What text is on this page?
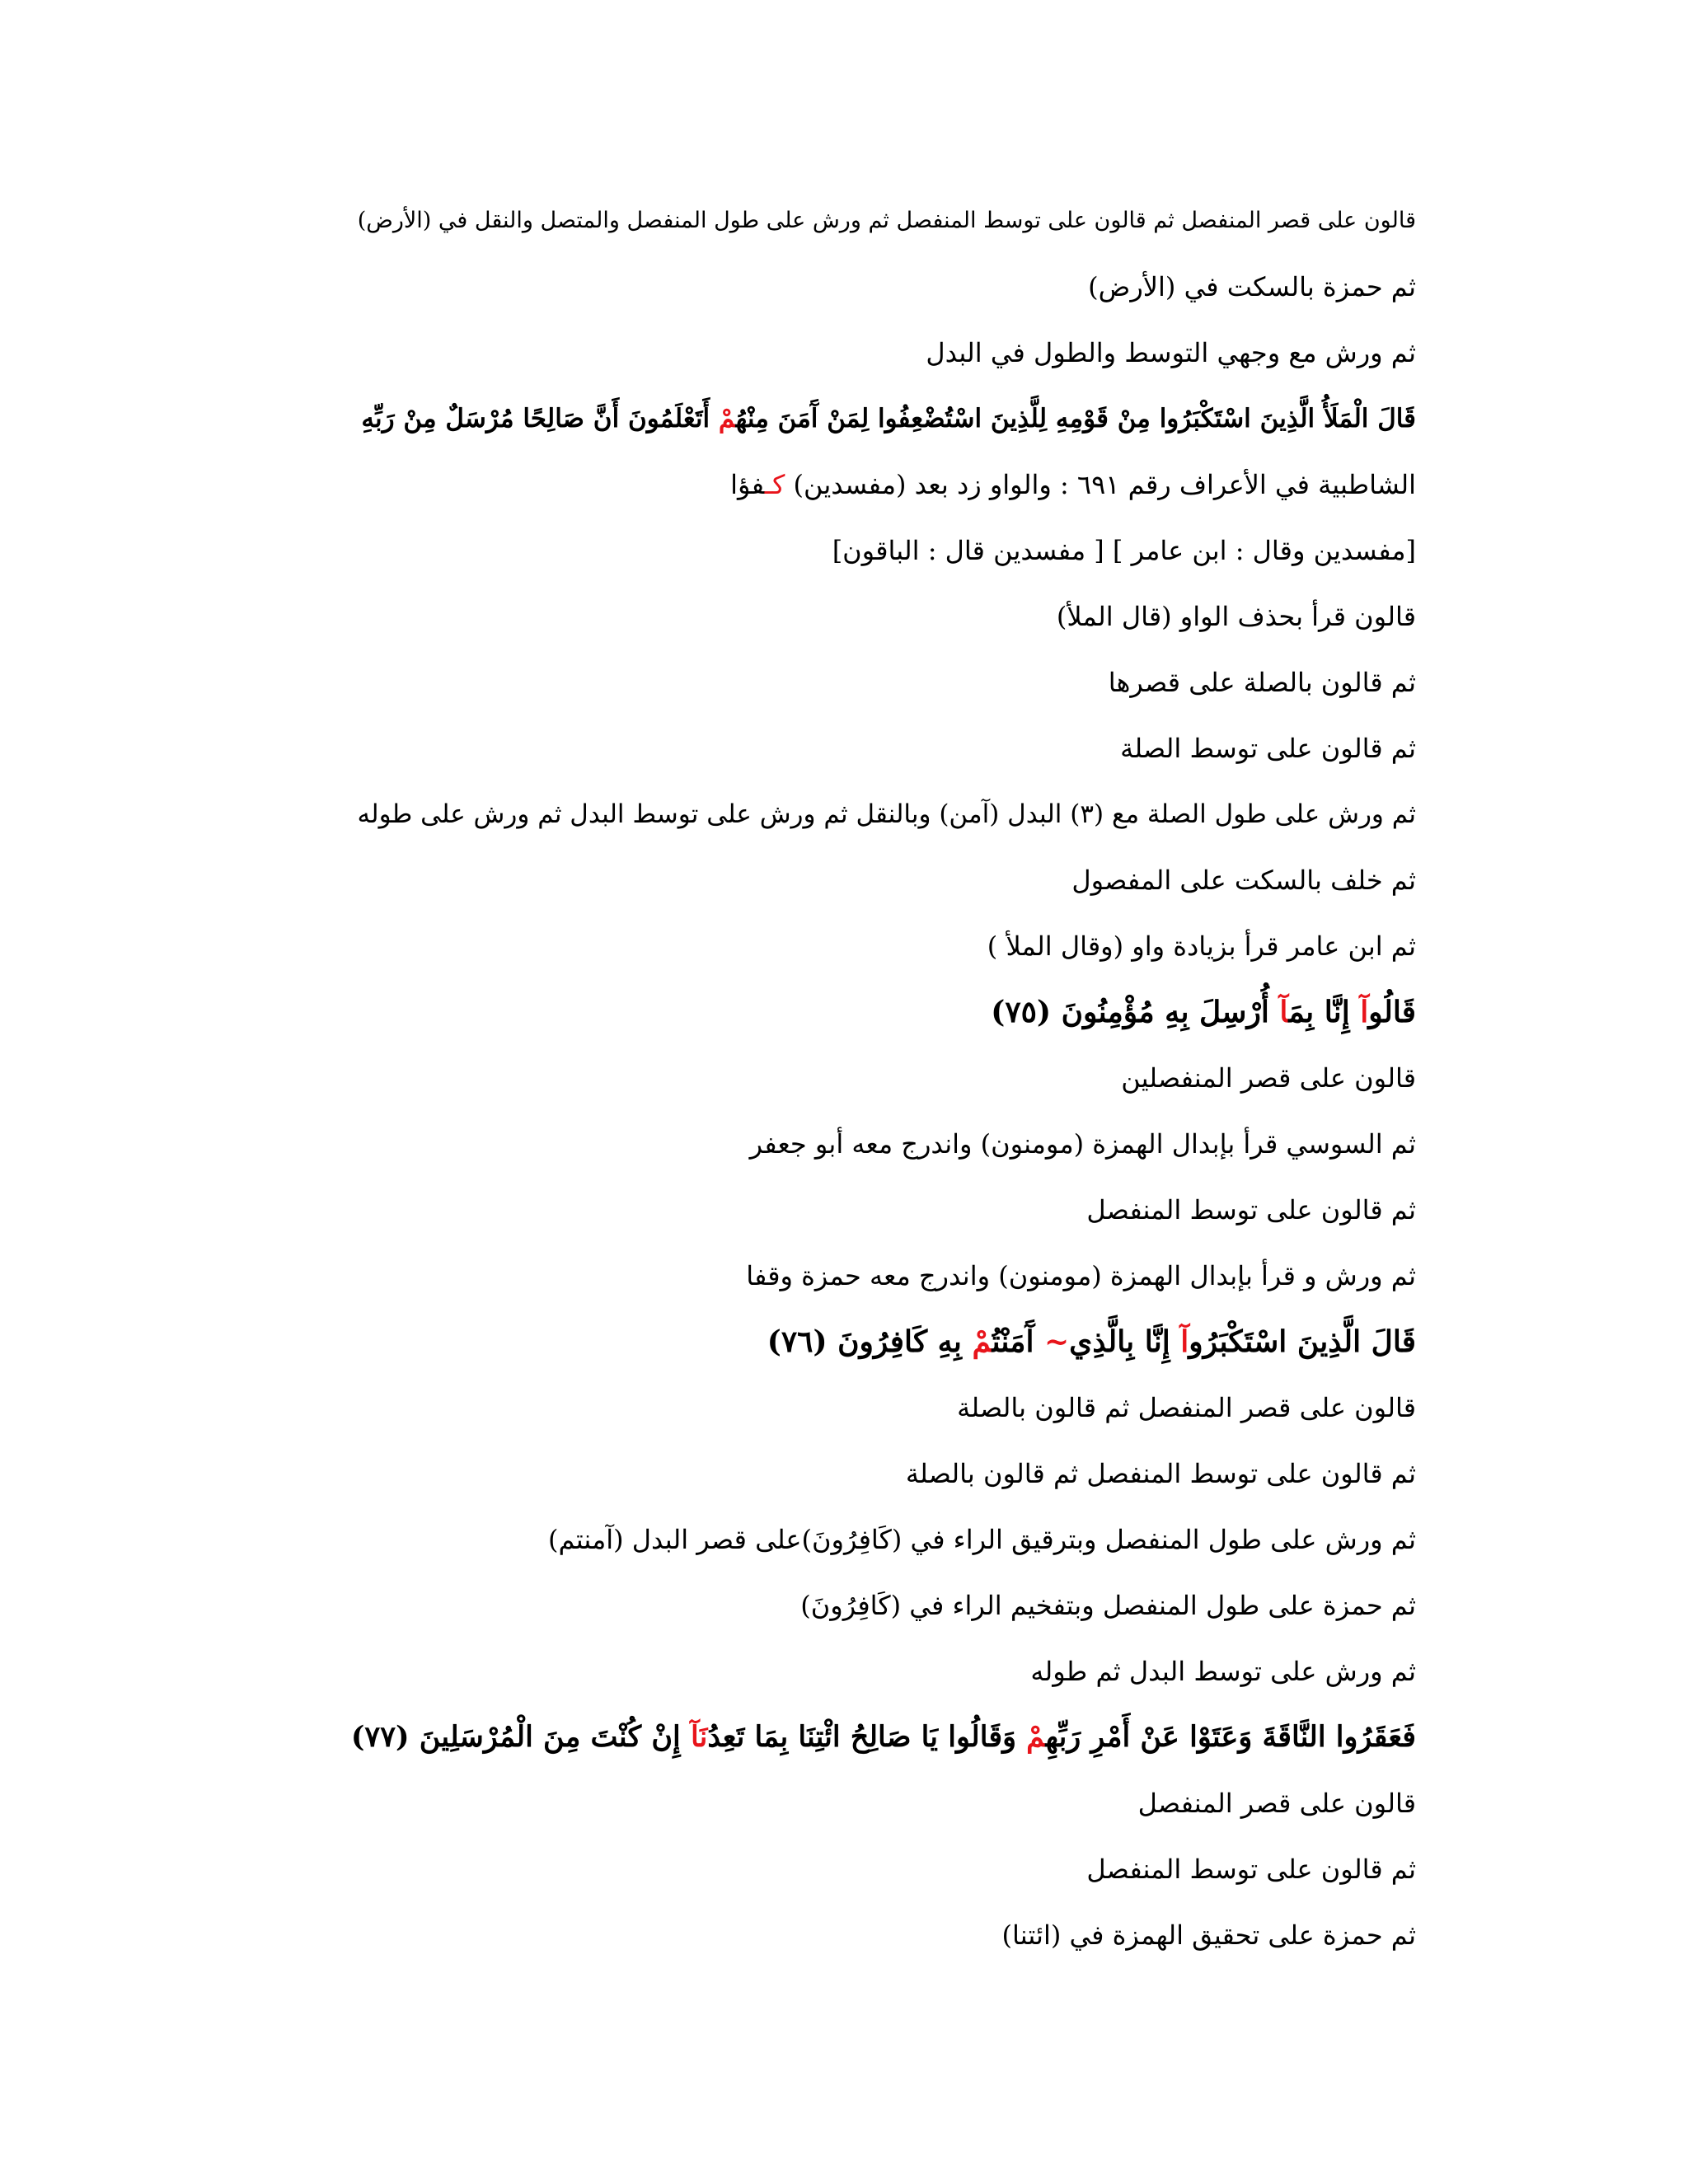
قالون على قصر المنفصل ثم قالون على توسط المنفصل ثم ورش على طول المنفصل والمتصل والنقل في (الأرض)
ثم حمزة بالسكت في (الأرض)
ثم ورش مع وجهي التوسط والطول في البدل
قَالَ الْمَلَأُ الَّذِينَ اسْتَكْبَرُوا مِنْ قَوْمِهِ لِلَّذِينَ اسْتُضْعِفُوا لِمَنْ آَمَنَ مِنْهُمْ أَتَعْلَمُونَ أَنَّ صَالِحًا مُرْسَلٌ مِنْ رَبِّهِ
الشاطبية في الأعراف رقم ٦٩١ : والواو زد بعد (مفسدين) كـفؤا
[مفسدين وقال : ابن عامر ] [ مفسدين قال : الباقون]
قالون قرأ بحذف الواو (قال الملأ)
ثم قالون بالصلة على قصرها
ثم قالون على توسط الصلة
ثم ورش على طول الصلة مع (٣) البدل (آمن) وبالنقل ثم ورش على توسط البدل ثم ورش على طوله
ثم خلف بالسكت على المفصول
ثم ابن عامر قرأ بزيادة واو (وقال الملأ )
قَالُوآ إِنَّا بِمَآ أُرْسِلَ بِهِ مُؤْمِنُونَ (٧٥)
قالون على قصر المنفصلين
ثم السوسي قرأ بإبدال الهمزة (مومنون) واندرج معه أبو جعفر
ثم قالون على توسط المنفصل
ثم ورش و قرأ بإبدال الهمزة (مومنون) واندرج معه حمزة وقفا
قَالَ الَّذِينَ اسْتَكْبَرُوآ إِنَّا بِالَّذِي~ آَمَنْتُمْ بِهِ كَافِرُونَ (٧٦)
قالون على قصر المنفصل ثم قالون بالصلة
ثم قالون على توسط المنفصل ثم قالون بالصلة
ثم ورش على طول المنفصل وبترقيق الراء في (كَافِرُونَ)على قصر البدل (آمنتم)
ثم حمزة على طول المنفصل وبتفخيم الراء في (كَافِرُونَ)
ثم ورش على توسط البدل ثم طوله
فَعَقَرُوا النَّاقَةَ وَعَتَوْا عَنْ أَمْرِ رَبِّهِمْ وَقَالُوا يَا صَالِحُ ائْتِنَا بِمَا تَعِدُنَآ إِنْ كُنْتَ مِنَ الْمُرْسَلِينَ (٧٧)
قالون على قصر المنفصل
ثم قالون على توسط المنفصل
ثم حمزة على تحقيق الهمزة في (ائتنا)
